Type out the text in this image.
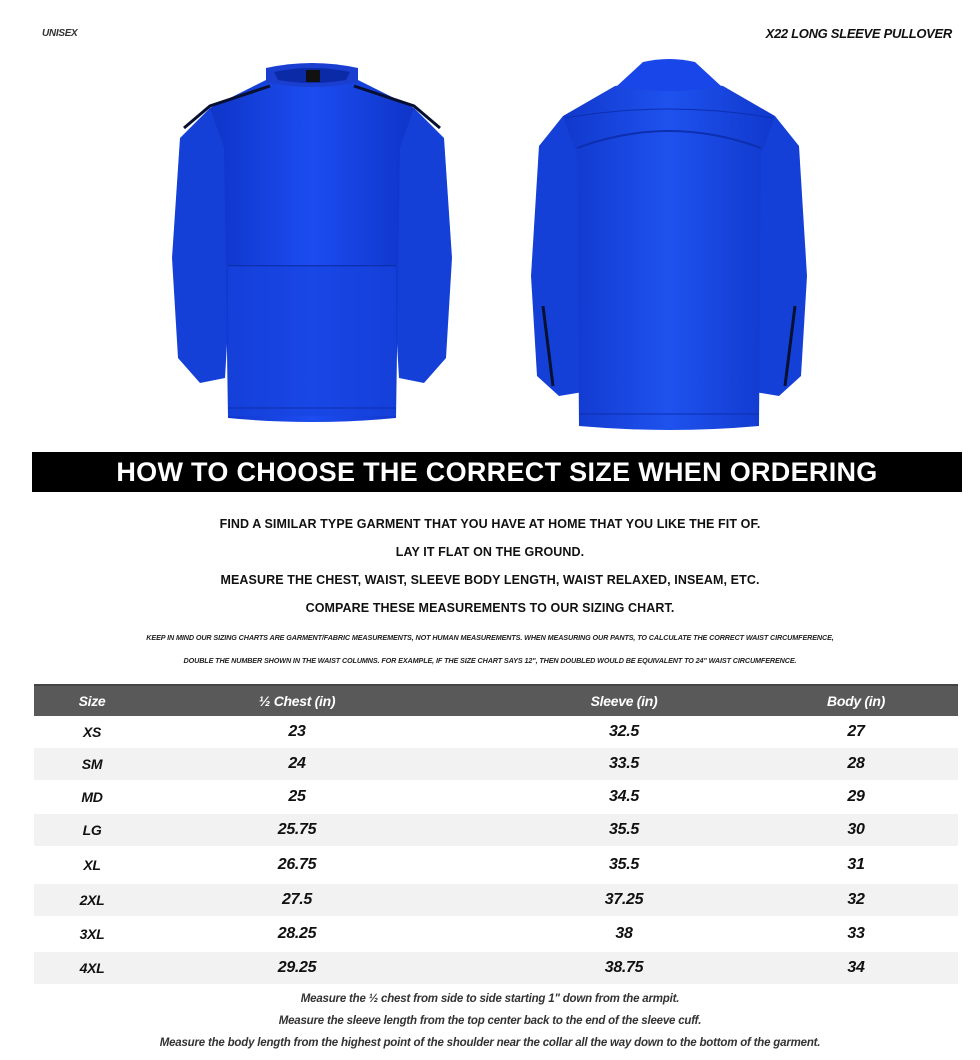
UNISEX	X22 LONG SLEEVE PULLOVER
HOW TO CHOOSE THE CORRECT SIZE WHEN ORDERING
FIND A SIMILAR TYPE GARMENT THAT YOU HAVE AT HOME THAT YOU LIKE THE FIT OF.
LAY IT FLAT ON THE GROUND.
MEASURE THE CHEST, WAIST, SLEEVE BODY LENGTH, WAIST RELAXED, INSEAM, ETC.
COMPARE THESE MEASUREMENTS TO OUR SIZING CHART.
KEEP IN MIND OUR SIZING CHARTS ARE GARMENT/FABRIC MEASUREMENTS, NOT HUMAN MEASUREMENTS. WHEN MEASURING OUR PANTS, TO CALCULATE THE CORRECT WAIST CIRCUMFERENCE,
DOUBLE THE NUMBER SHOWN IN THE WAIST COLUMNS. FOR EXAMPLE, IF THE SIZE CHART SAYS 12", THEN DOUBLED WOULD BE EQUIVALENT TO 24" WAIST CIRCUMFERENCE.
Size	½ Chest (in)	Sleeve (in)	Body (in)
XS	23	32.5	27
SM	24	33.5	28
MD	25	34.5	29
LG	25.75	35.5	30
XL	26.75	35.5	31
2XL	27.5	37.25	32
3XL	28.25	38	33
4XL	29.25	38.75	34
Measure the ½ chest from side to side starting 1" down from the armpit.
Measure the sleeve length from the top center back to the end of the sleeve cuff.
Measure the body length from the highest point of the shoulder near the collar all the way down to the bottom of the garment.
